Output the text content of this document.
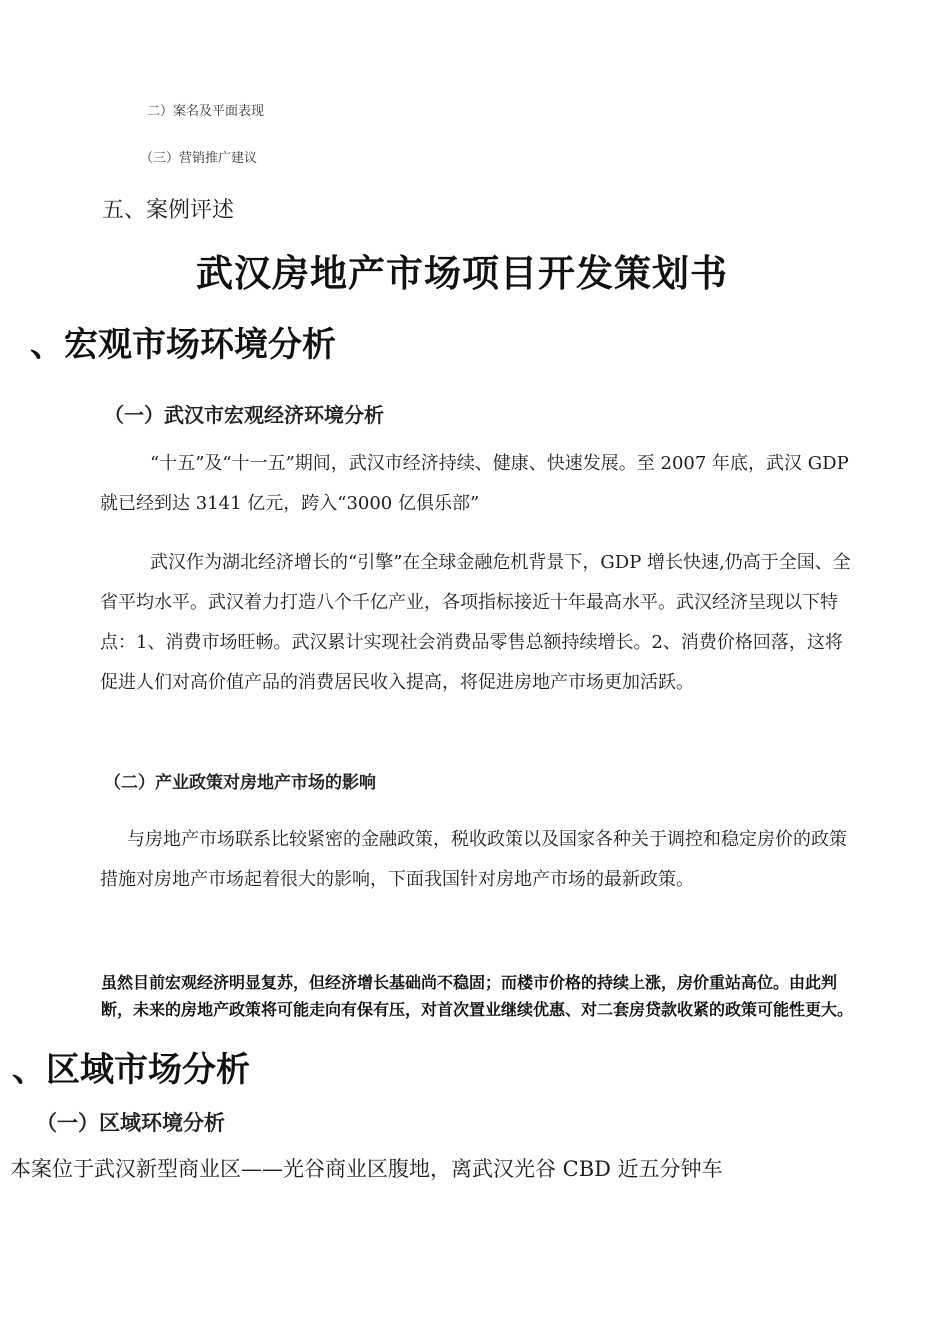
二）案名及平面表现

（三）营销推广建议

五、案例评述

武汉房地产市场项目开发策划书
、宏观市场环境分析
（一）武汉市宏观经济环境分析

“十五”及“十一五”期间，武汉市经济持续、健康、快速发展。至 2007 年底，武汉 GDP 就已经到达 3141 亿元，跨入“3000 亿俱乐部”

武汉作为湖北经济增长的“引擎”在全球金融危机背景下，GDP 增长快速,仍高于全国、全省平均水平。武汉着力打造八个千亿产业，各项指标接近十年最高水平。武汉经济呈现以下特点：1、消费市场旺畅。武汉累计实现社会消费品零售总额持续增长。2、消费价格回落，这将促进人们对高价值产品的消费居民收入提高，将促进房地产市场更加活跃。

（二）产业政策对房地产市场的影响

与房地产市场联系比较紧密的金融政策，税收政策以及国家各种关于调控和稳定房价的政策措施对房地产市场起着很大的影响，下面我国针对房地产市场的最新政策。

虽然目前宏观经济明显复苏，但经济增长基础尚不稳固；而楼市价格的持续上涨，房价重站高位。由此判断，未来的房地产政策将可能走向有保有压，对首次置业继续优惠、对二套房贷款收紧的政策可能性更大。

、区域市场分析
（一）区域环境分析

本案位于武汉新型商业区——光谷商业区腹地，离武汉光谷 CBD 近五分钟车
